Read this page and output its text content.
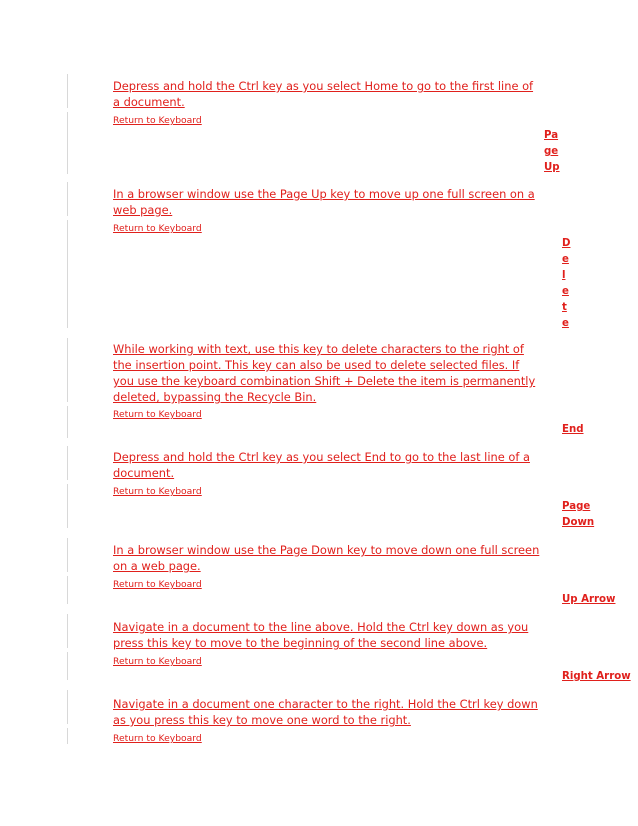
Depress and hold the Ctrl key as you select Home to go to the first line of a document.
Return to Keyboard
Pa
ge
Up
In a browser window use the Page Up key to move up one full screen on a web page.
Return to Keyboard
D
e
l
e
t
e
While working with text, use this key to delete characters to the right of the insertion point. This key can also be used to delete selected files. If you use the keyboard combination Shift + Delete the item is permanently deleted, bypassing the Recycle Bin.
Return to Keyboard
End
Depress and hold the Ctrl key as you select End to go to the last line of a document.
Return to Keyboard
Page
Down
In a browser window use the Page Down key to move down one full screen on a web page.
Return to Keyboard
Up Arrow
Navigate in a document to the line above. Hold the Ctrl key down as you press this key to move to the beginning of the second line above.
Return to Keyboard
Right Arrow
Navigate in a document one character to the right. Hold the Ctrl key down as you press this key to move one word to the right.
Return to Keyboard
